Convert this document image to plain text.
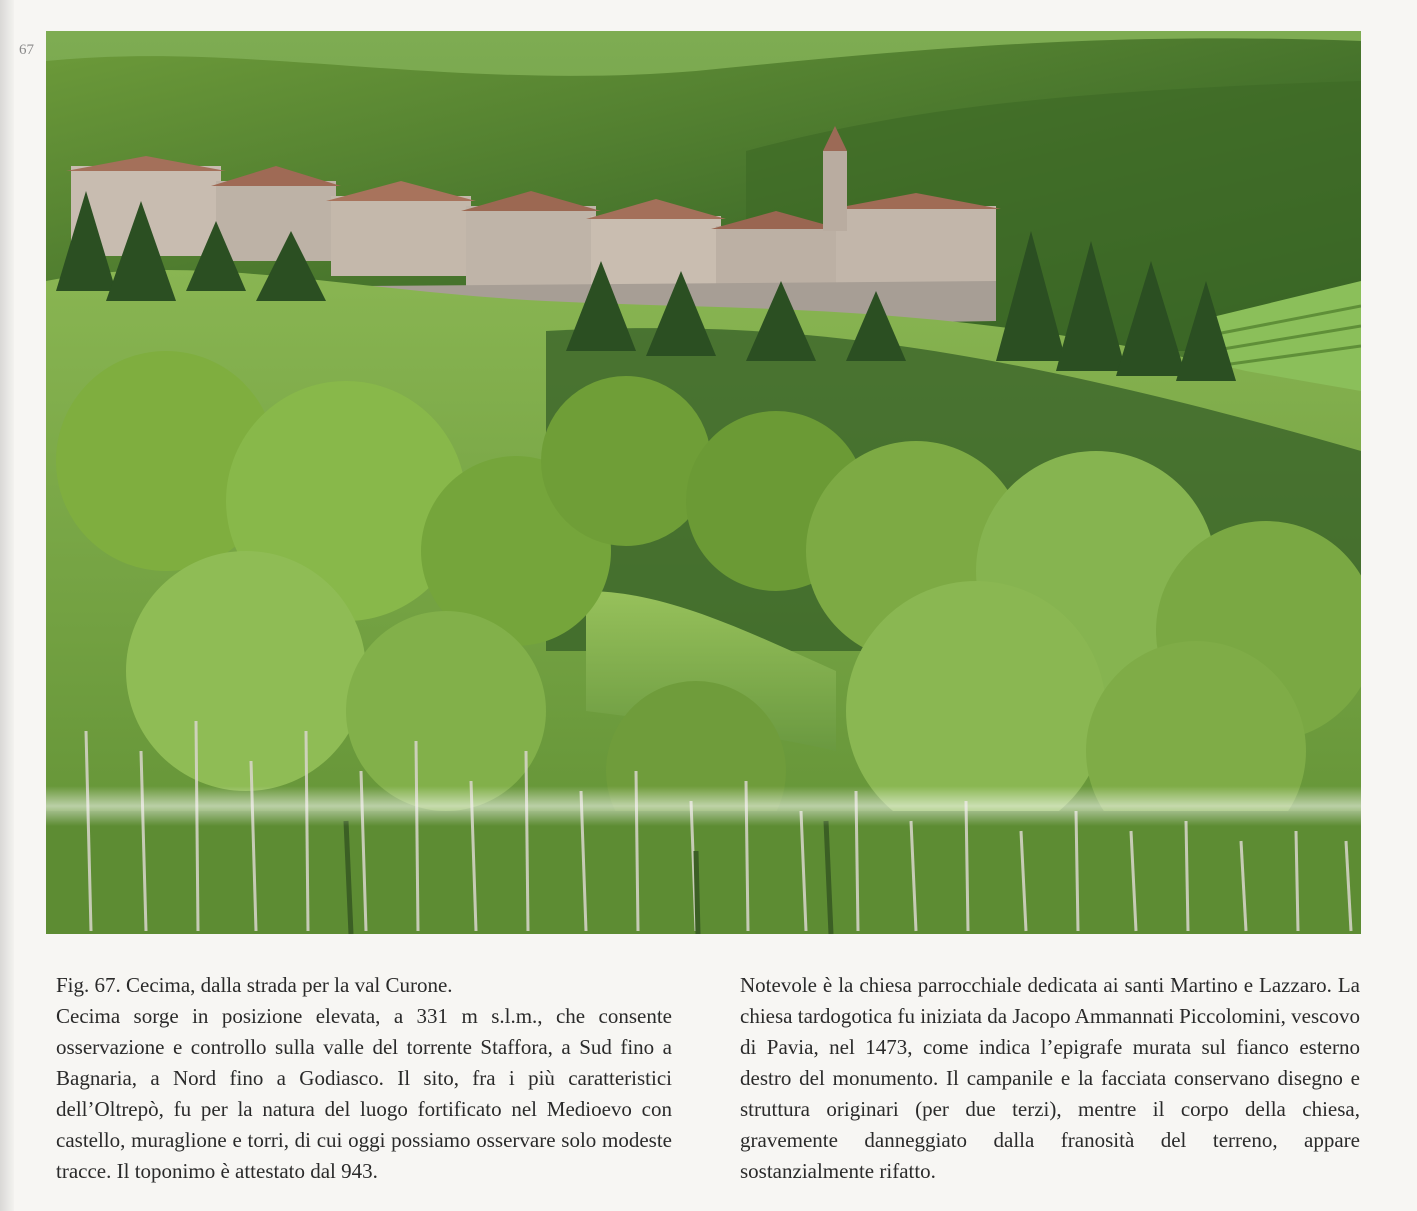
67

Fig. 67. Cecima, dalla strada per la val Curone.

Cecima sorge in posizione elevata, a 331 m s.l.m., che consente osservazione e controllo sulla valle del torrente Staffora, a Sud fino a Bagnaria, a Nord fino a Godiasco. Il sito, fra i più caratteristici dell’Oltrepò, fu per la natura del luogo fortificato nel Medioevo con castello, muraglione e torri, di cui oggi possiamo osservare solo modeste tracce. Il toponimo è attestato dal 943.

Notevole è la chiesa parrocchiale dedicata ai santi Martino e Lazzaro. La chiesa tardogotica fu iniziata da Jacopo Ammannati Piccolomini, vescovo di Pavia, nel 1473, come indica l’epigrafe murata sul fianco esterno destro del monumento. Il campanile e la facciata conservano disegno e struttura originari (per due terzi), mentre il corpo della chiesa, gravemente danneggiato dalla franosità del terreno, appare sostanzialmente rifatto.
